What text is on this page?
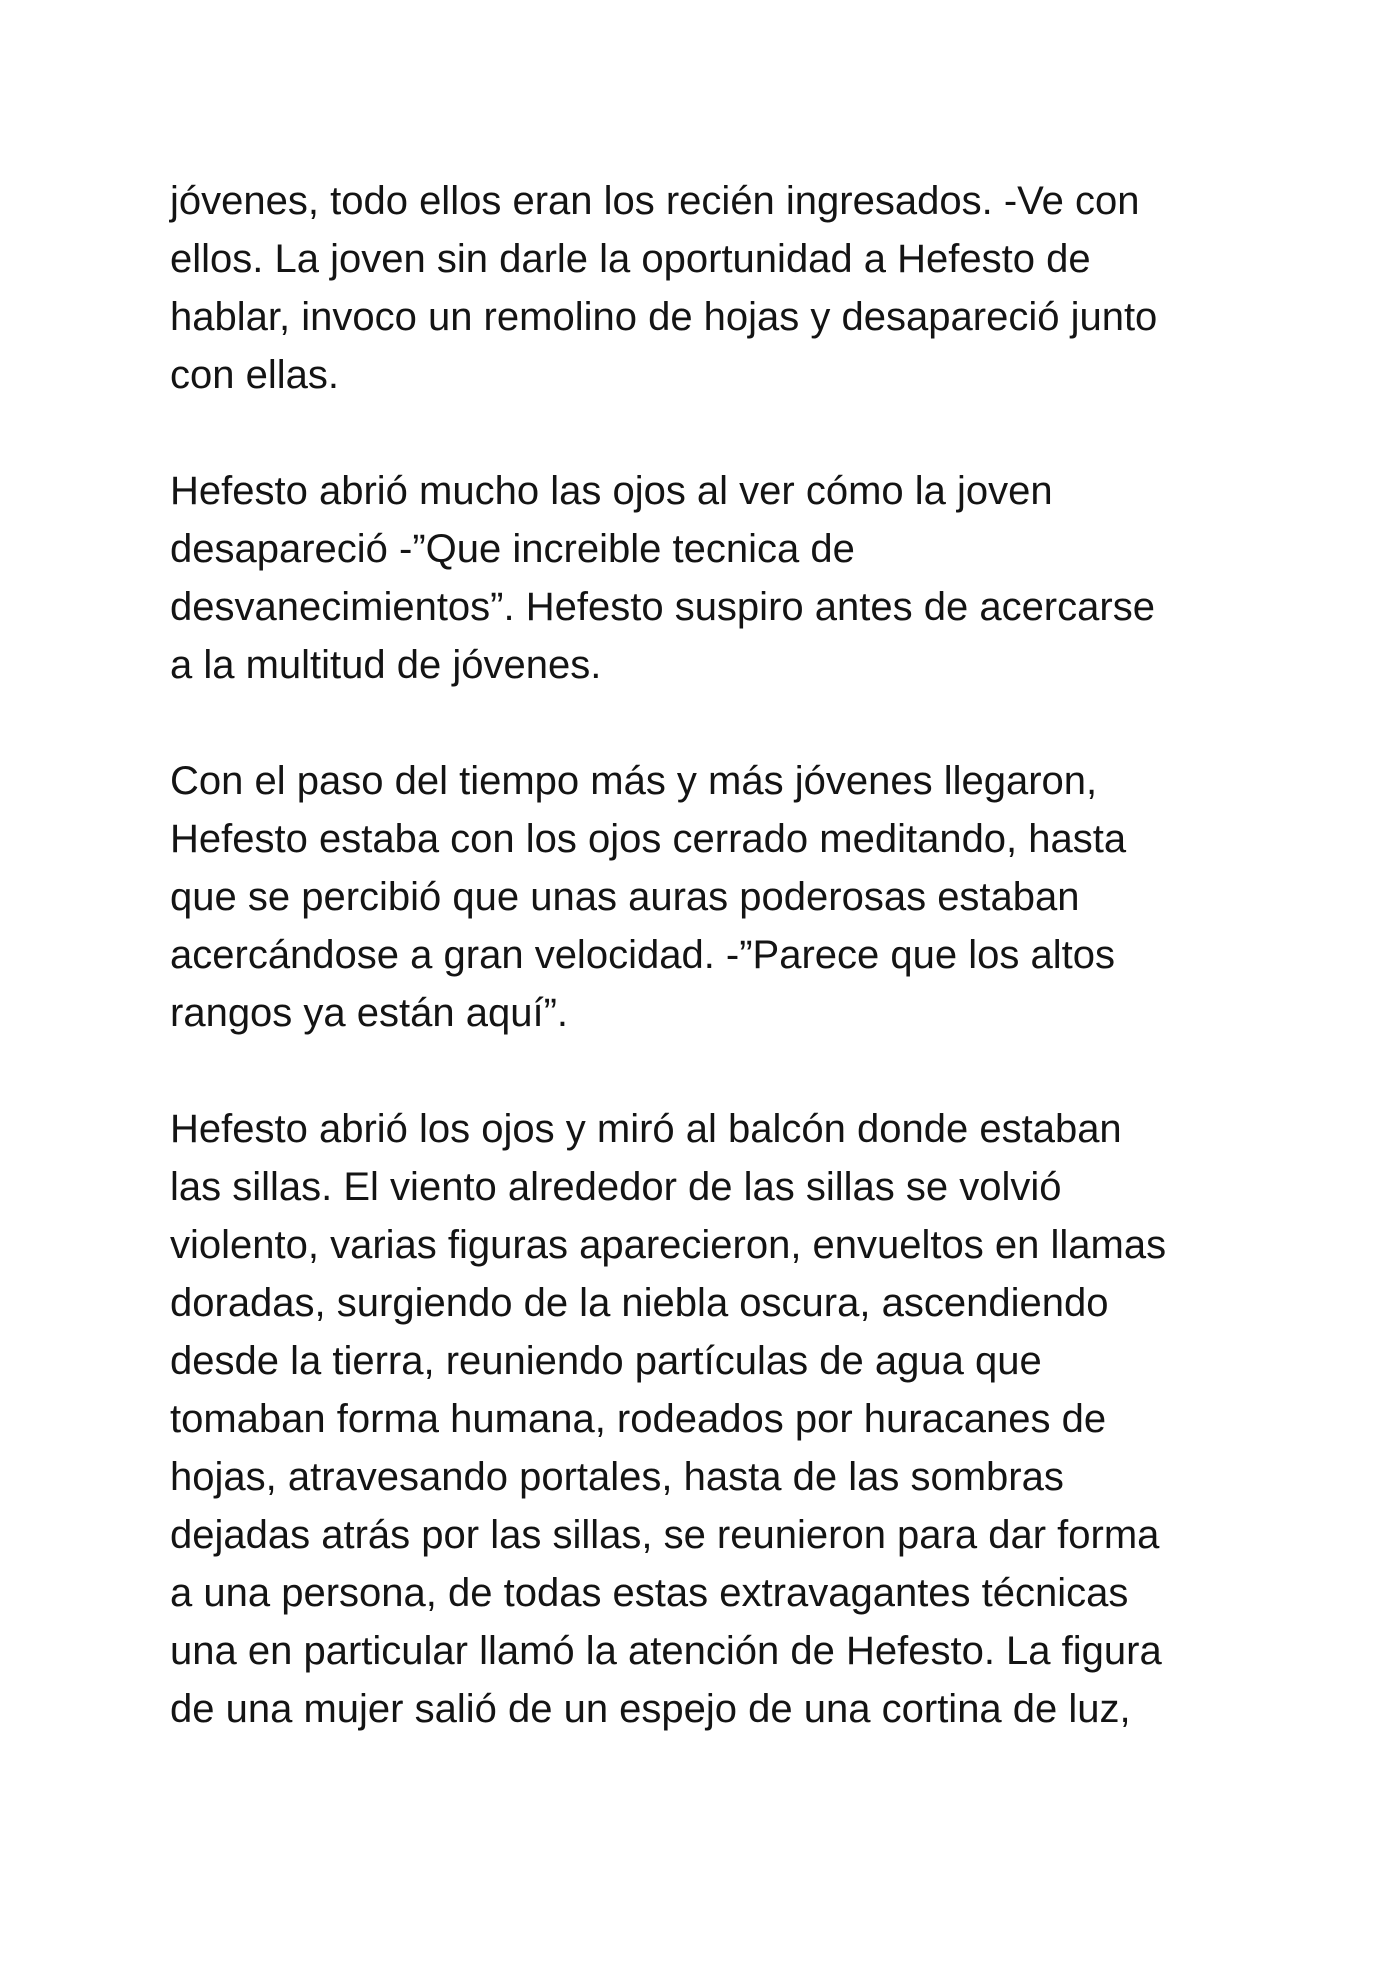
jóvenes, todo ellos eran los recién ingresados. -Ve con
ellos. La joven sin darle la oportunidad a Hefesto de
hablar, invoco un remolino de hojas y desapareció junto
con ellas.

Hefesto abrió mucho las ojos al ver cómo la joven
desapareció -”Que increible tecnica de
desvanecimientos”. Hefesto suspiro antes de acercarse
a la multitud de jóvenes.

Con el paso del tiempo más y más jóvenes llegaron,
Hefesto estaba con los ojos cerrado meditando, hasta
que se percibió que unas auras poderosas estaban
acercándose a gran velocidad. -”Parece que los altos
rangos ya están aquí”.

Hefesto abrió los ojos y miró al balcón donde estaban
las sillas. El viento alrededor de las sillas se volvió
violento, varias figuras aparecieron, envueltos en llamas
doradas, surgiendo de la niebla oscura, ascendiendo
desde la tierra, reuniendo partículas de agua que
tomaban forma humana, rodeados por huracanes de
hojas, atravesando portales, hasta de las sombras
dejadas atrás por las sillas, se reunieron para dar forma
a una persona, de todas estas extravagantes técnicas
una en particular llamó la atención de Hefesto. La figura
de una mujer salió de un espejo de una cortina de luz,
